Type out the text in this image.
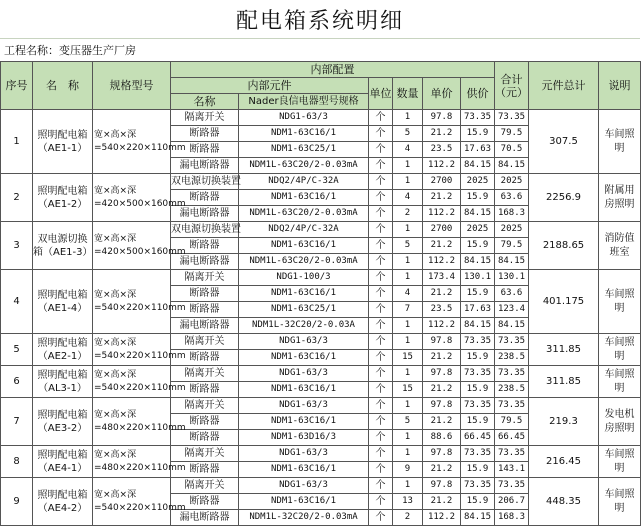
配电箱系统明细
工程名称：变压器生产厂房
序号	名　称	规格型号	内部配置						合计（元）	元件总计	说明
			内部元件		单位	数量	单价	供价			
			名称	Nader良信电器型号规格							
1	照明配电箱（AE1-1）	宽×高×深=540×220×110mm	隔离开关	NDG1-63/3	个	1	97.8	73.35	73.35	307.5	车间照明
			断路器	NDM1-63C16/1	个	5	21.2	15.9	79.5		
			断路器	NDM1-63C25/1	个	4	23.5	17.63	70.5		
			漏电断路器	NDM1L-63C20/2-0.03mA	个	1	112.2	84.15	84.15		
2	照明配电箱（AE1-2）	宽×高×深=420×500×160mm	双电源切换装置	NDQ2/4P/C-32A	个	1	2700	2025	2025	2256.9	附属用房照明
			断路器	NDM1-63C16/1	个	4	21.2	15.9	63.6		
			漏电断路器	NDM1L-63C20/2-0.03mA	个	2	112.2	84.15	168.3		
3	双电源切换箱（AE1-3）	宽×高×深=420×500×160mm	双电源切换装置	NDQ2/4P/C-32A	个	1	2700	2025	2025	2188.65	消防值班室
			断路器	NDM1-63C16/1	个	5	21.2	15.9	79.5		
			漏电断路器	NDM1L-63C20/2-0.03mA	个	1	112.2	84.15	84.15		
4	照明配电箱（AE1-4）	宽×高×深=540×220×110mm	隔离开关	NDG1-100/3	个	1	173.4	130.1	130.1	401.175	车间照明
			断路器	NDM1-63C16/1	个	4	21.2	15.9	63.6		
			断路器	NDM1-63C25/1	个	7	23.5	17.63	123.4		
			漏电断路器	NDM1L-32C20/2-0.03A	个	1	112.2	84.15	84.15		
5	照明配电箱（AE2-1）	宽×高×深=540×220×110mm	隔离开关	NDG1-63/3	个	1	97.8	73.35	73.35	311.85	车间照明
			断路器	NDM1-63C16/1	个	15	21.2	15.9	238.5		
6	照明配电箱（AL3-1）	宽×高×深=540×220×110mm	隔离开关	NDG1-63/3	个	1	97.8	73.35	73.35	311.85	车间照明
			断路器	NDM1-63C16/1	个	15	21.2	15.9	238.5		
7	照明配电箱（AE3-2）	宽×高×深=480×220×110mm	隔离开关	NDG1-63/3	个	1	97.8	73.35	73.35	219.3	发电机房照明
			断路器	NDM1-63C16/1	个	5	21.2	15.9	79.5		
			断路器	NDM1-63D16/3	个	1	88.6	66.45	66.45		
8	照明配电箱（AE4-1）	宽×高×深=480×220×110mm	隔离开关	NDG1-63/3	个	1	97.8	73.35	73.35	216.45	车间照明
			断路器	NDM1-63C16/1	个	9	21.2	15.9	143.1		
9	照明配电箱（AE4-2）	宽×高×深=540×220×110mm	隔离开关	NDG1-63/3	个	1	97.8	73.35	73.35	448.35	车间照明
			断路器	NDM1-63C16/1	个	13	21.2	15.9	206.7		
			漏电断路器	NDM1L-32C20/2-0.03mA	个	2	112.2	84.15	168.3		
